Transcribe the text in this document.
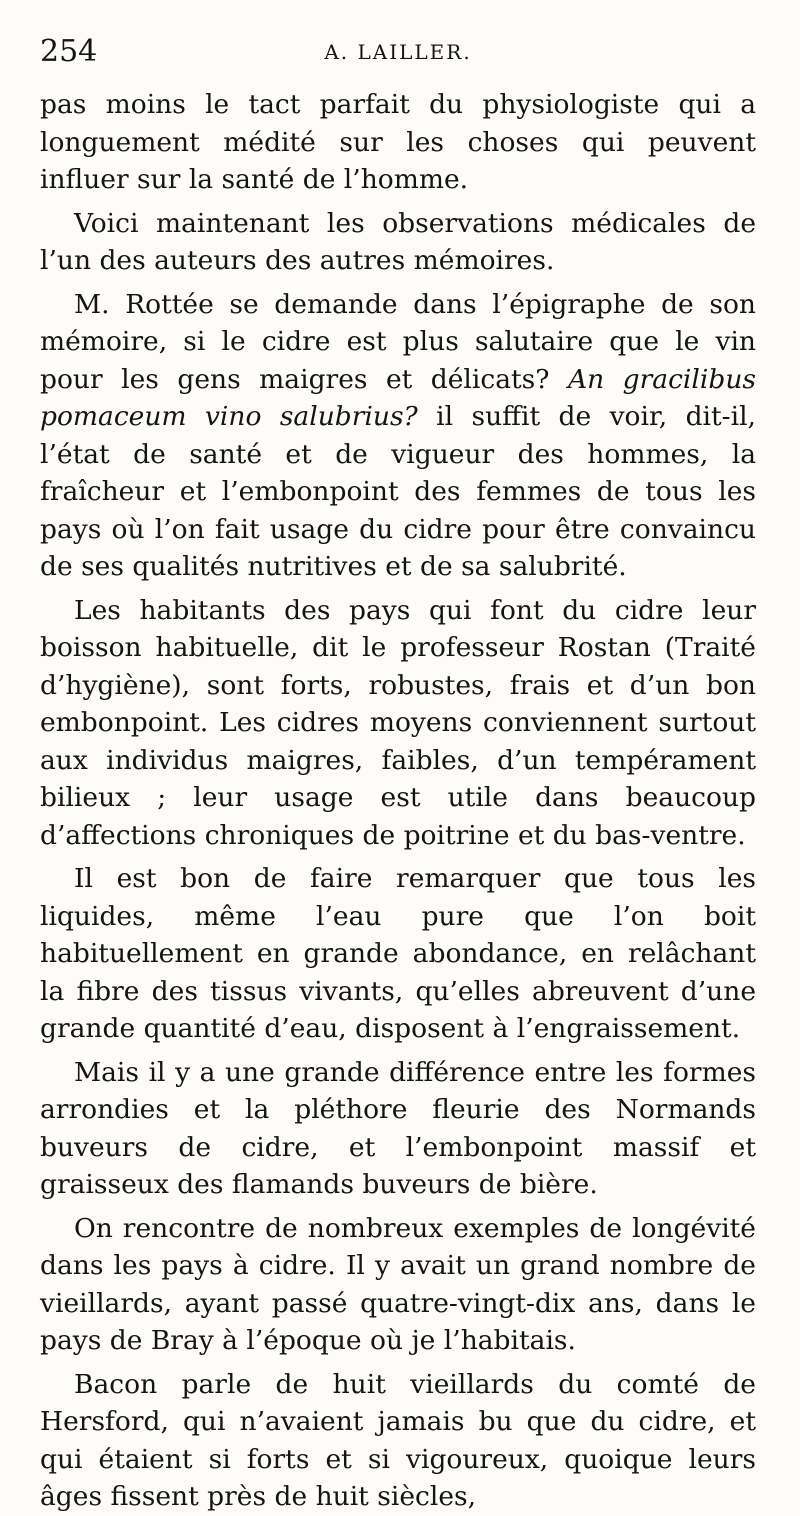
254	A. LAILLER.

pas moins le tact parfait du physiologiste qui a longuement médité sur les choses qui peuvent influer sur la santé de l’homme.

Voici maintenant les observations médicales de l’un des auteurs des autres mémoires.

M. Rottée se demande dans l’épigraphe de son mémoire, si le cidre est plus salutaire que le vin pour les gens maigres et délicats? An gracilibus pomaceum vino salubrius? il suffit de voir, dit-il, l’état de santé et de vigueur des hommes, la fraîcheur et l’embonpoint des femmes de tous les pays où l’on fait usage du cidre pour être convaincu de ses qualités nutritives et de sa salubrité.

Les habitants des pays qui font du cidre leur boisson habituelle, dit le professeur Rostan (Traité d’hygiène), sont forts, robustes, frais et d’un bon embonpoint. Les cidres moyens conviennent surtout aux individus maigres, faibles, d’un tempérament bilieux ; leur usage est utile dans beaucoup d’affections chroniques de poitrine et du bas-ventre.

Il est bon de faire remarquer que tous les liquides, même l’eau pure que l’on boit habituellement en grande abondance, en relâchant la fibre des tissus vivants, qu’elles abreuvent d’une grande quantité d’eau, disposent à l’engraissement.

Mais il y a une grande différence entre les formes arrondies et la pléthore fleurie des Normands buveurs de cidre, et l’embonpoint massif et graisseux des flamands buveurs de bière.

On rencontre de nombreux exemples de longévité dans les pays à cidre. Il y avait un grand nombre de vieillards, ayant passé quatre-vingt-dix ans, dans le pays de Bray à l’époque où je l’habitais.

Bacon parle de huit vieillards du comté de Hersford, qui n’avaient jamais bu que du cidre, et qui étaient si forts et si vigoureux, quoique leurs âges fissent près de huit siècles,
